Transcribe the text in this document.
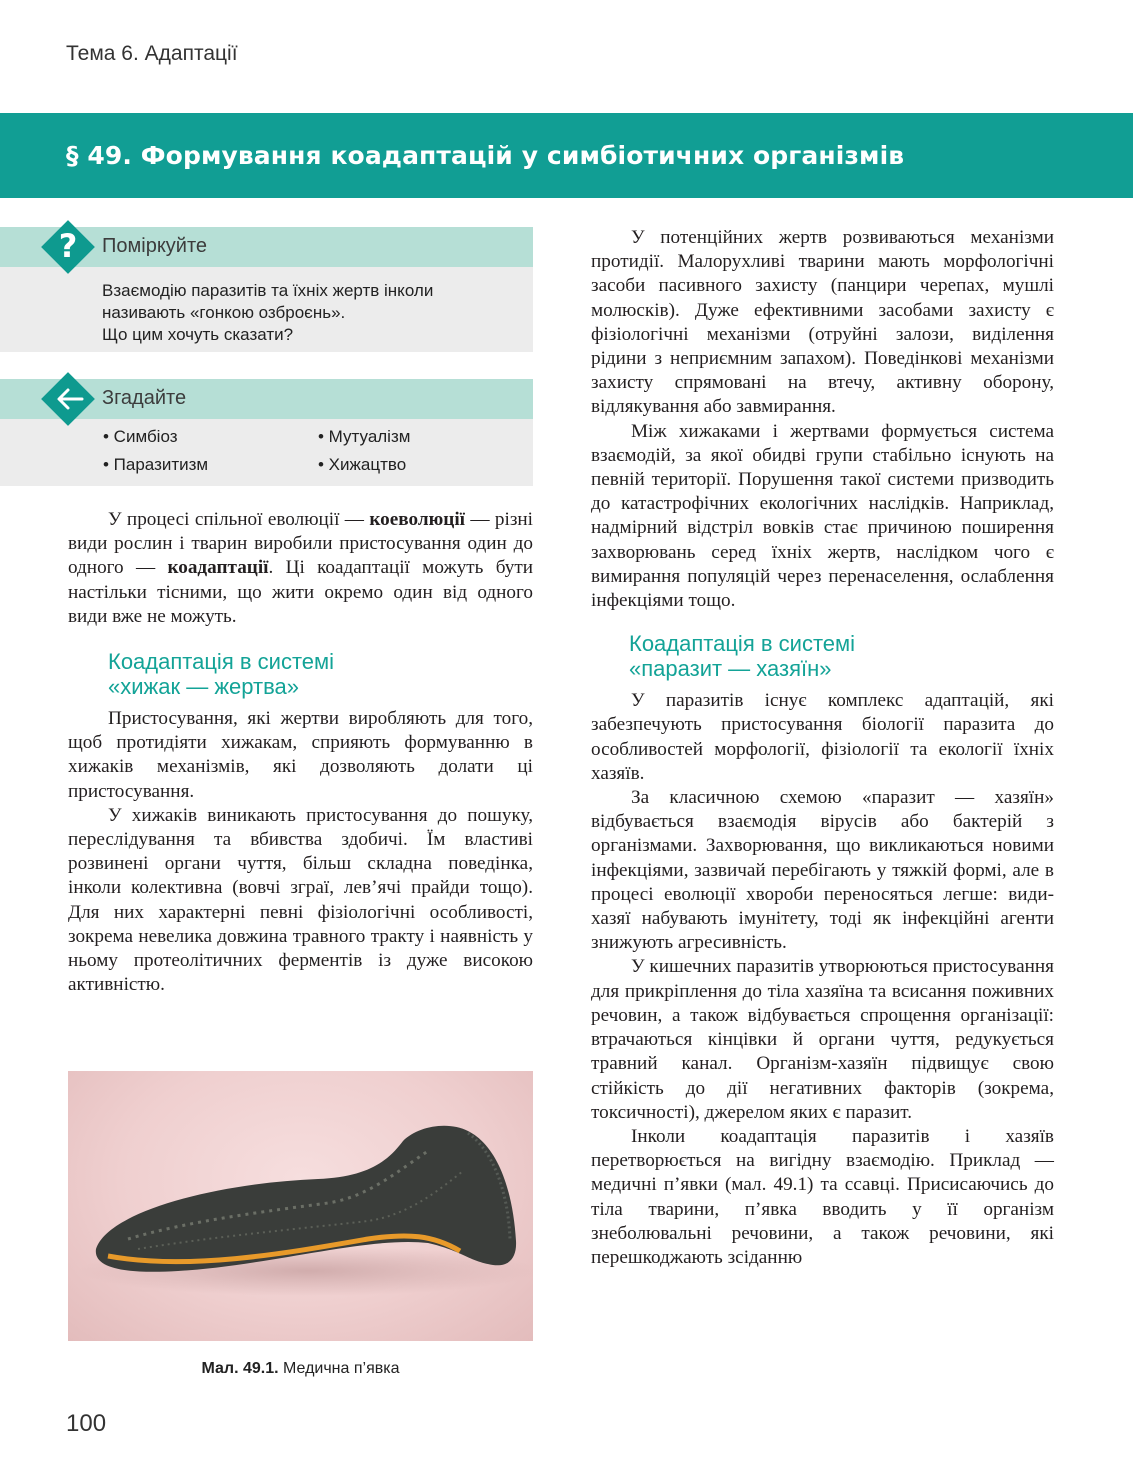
Тема 6. Адаптації
§ 49. Формування коадаптацій у симбіотичних організмів
?	Поміркуйте
Взаємодію паразитів та їхніх жертв інколи
називають «гонкою озброєнь».
Що цим хочуть сказати?
Згадайте
• Симбіоз	• Мутуалізм
• Паразитизм	• Хижацтво

У процесі спільної еволюції — коеволюції — різні види рослин і тварин виробили пристосування один до одного — коадаптації. Ці коадаптації можуть бути настільки тісними, що жити окремо один від одного види вже не можуть.

Коадаптація в системі

«хижак — жертва»

Пристосування, які жертви виробляють для того, щоб протидіяти хижакам, сприяють формуванню в хижаків механізмів, які дозволяють долати ці пристосування.

У хижаків виникають пристосування до пошуку, переслідування та вбивства здобичі. Їм властиві розвинені органи чуття, більш складна поведінка, інколи колективна (вовчі зграї, лев’ячі прайди тощо). Для них характерні певні фізіологічні особливості, зокрема невелика довжина травного тракту і наявність у ньому протеолітичних ферментів із дуже високою активністю.

Мал. 49.1. Медична п’явка

У потенційних жертв розвиваються механізми протидії. Малорухливі тварини мають морфологічні засоби пасивного захисту (панцири черепах, мушлі молюсків). Дуже ефективними засобами захисту є фізіологічні механізми (отруйні залози, виділення рідини з неприємним запахом). Поведінкові механізми захисту спрямовані на втечу, активну оборону, відлякування або завмирання.

Між хижаками і жертвами формується система взаємодій, за якої обидві групи стабільно існують на певній території. Порушення такої системи призводить до катастрофічних екологічних наслідків. Наприклад, надмірний відстріл вовків стає причиною поширення захворювань серед їхніх жертв, наслідком чого є вимирання популяцій через перенаселення, ослаблення інфекціями тощо.

Коадаптація в системі

«паразит — хазяїн»

У паразитів існує комплекс адаптацій, які забезпечують пристосування біології паразита до особливостей морфології, фізіології та екології їхніх хазяїв.

За класичною схемою «паразит — хазяїн» відбувається взаємодія вірусів або бактерій з організмами. Захворювання, що викликаються новими інфекціями, зазвичай перебігають у тяжкій формі, але в процесі еволюції хвороби переносяться легше: види-хазяї набувають імунітету, тоді як інфекційні агенти знижують агресивність.

У кишечних паразитів утворюються пристосування для прикріплення до тіла хазяїна та всисання поживних речовин, а також відбувається спрощення організації: втрачаються кінцівки й органи чуття, редукується травний канал. Організм-хазяїн підвищує свою стійкість до дії негативних факторів (зокрема, токсичності), джерелом яких є паразит.

Інколи коадаптація паразитів і хазяїв перетворюється на вигідну взаємодію. Приклад — медичні п’явки (мал. 49.1) та ссавці. Присисаючись до тіла тварини, п’явка вводить у її організм знеболювальні речовини, а також речовини, які перешкоджають зсіданню

100
